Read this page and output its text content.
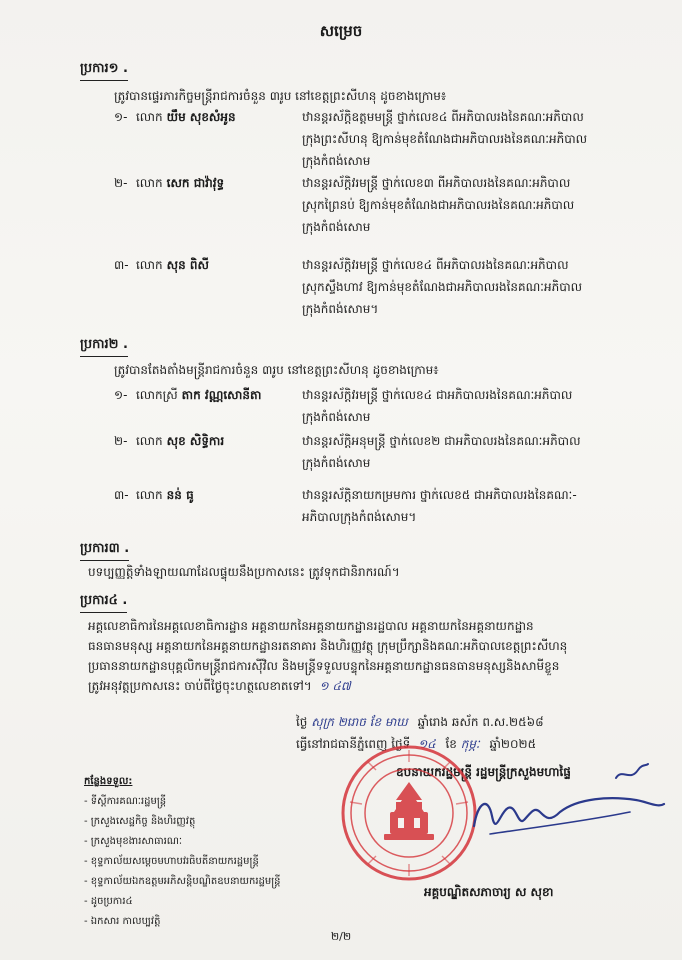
សម្រេច
ប្រការ១ .
ត្រូវបានផ្ទេរភារកិច្ចមន្ត្រីរាជការចំនួន ៣រូប នៅខេត្តព្រះសីហនុ ដូចខាងក្រោម៖
១- លោក យឹម សុខសំអូន	ឋានន្តរស័ក្តិឧត្តមមន្ត្រី ថ្នាក់លេខ៤ ពីអភិបាលរងនៃគណៈអភិបាល
ក្រុងព្រះសីហនុ ឱ្យកាន់មុខតំណែងជាអភិបាលរងនៃគណៈអភិបាល
ក្រុងកំពង់សោម
២- លោក សេក ជាវ៉ាវុទ្ធ	ឋានន្តរស័ក្តិវរមន្ត្រី ថ្នាក់លេខ៣ ពីអភិបាលរងនៃគណៈអភិបាល
ស្រុកព្រៃនប់ ឱ្យកាន់មុខតំណែងជាអភិបាលរងនៃគណៈអភិបាល
ក្រុងកំពង់សោម
៣- លោក សុន ពិសី	ឋានន្តរស័ក្តិវរមន្ត្រី ថ្នាក់លេខ៤ ពីអភិបាលរងនៃគណៈអភិបាល
ស្រុកស្ទឹងហាវ ឱ្យកាន់មុខតំណែងជាអភិបាលរងនៃគណៈអភិបាល
ក្រុងកំពង់សោម។
ប្រការ២ .
ត្រូវបានតែងតាំងមន្ត្រីរាជការចំនួន ៣រូប នៅខេត្តព្រះសីហនុ ដូចខាងក្រោម៖
១- លោកស្រី តាក វណ្ណសោនីតា	ឋានន្តរស័ក្តិវរមន្ត្រី ថ្នាក់លេខ៤ ជាអភិបាលរងនៃគណៈអភិបាល
ក្រុងកំពង់សោម
២- លោក សុខ សិទ្ធិការ	ឋានន្តរស័ក្តិអនុមន្ត្រី ថ្នាក់លេខ២ ជាអភិបាលរងនៃគណៈអភិបាល
ក្រុងកំពង់សោម
៣- លោក នន់ ធូ	ឋានន្តរស័ក្តិនាយកម្រមការ ថ្នាក់លេខ៥ ជាអភិបាលរងនៃគណៈ-
អភិបាលក្រុងកំពង់សោម។
ប្រការ៣ .
បទប្បញ្ញត្តិទាំងឡាយណាដែលផ្ទុយនឹងប្រកាសនេះ ត្រូវទុកជានិរាករណ៍។
ប្រការ៤ .
អគ្គលេខាធិការនៃអគ្គលេខាធិការដ្ឋាន អគ្គនាយកនៃអគ្គនាយកដ្ឋានរដ្ឋបាល អគ្គនាយកនៃអគ្គនាយកដ្ឋាន
ធនធានមនុស្ស អគ្គនាយកនៃអគ្គនាយកដ្ឋានរតនាគារ និងហិរញ្ញវត្ថុ ក្រុមប្រឹក្សានិងគណៈអភិបាលខេត្តព្រះសីហនុ
ប្រធាននាយកដ្ឋានបុគ្គលិកមន្ត្រីរាជការស៊ីវិល និងមន្ត្រីទទួលបន្ទុកនៃអគ្គនាយកដ្ឋានធនធានមនុស្សនិងសាមីខ្លួន
ត្រូវអនុវត្តប្រកាសនេះ ចាប់ពីថ្ងៃចុះហត្ថលេខាតទៅ។ ១ ៤៧
ថ្ងៃ សុក្រ ២រោច ខែ មាឃ ឆ្នាំរោង ឆស័ក ព.ស.២៥៦៨
ធ្វើនៅរាជធានីភ្នំពេញ ថ្ងៃទី ១៤ ខែ កុម្ភៈ ឆ្នាំ២០២៥
ឧបនាយករដ្ឋមន្ត្រី រដ្ឋមន្ត្រីក្រសួងមហាផ្ទៃ
អគ្គបណ្ឌិតសភាចារ្យ ស សុខា
កន្លែងទទួល:
- ទីស្តីការគណៈរដ្ឋមន្ត្រី
- ក្រសួងសេដ្ឋកិច្ច និងហិរញ្ញវត្ថុ
- ក្រសួងមុខងារសាធារណៈ
- ខុទ្ទកាល័យសម្តេចមហាបវរធិបតីនាយករដ្ឋមន្ត្រី
- ខុទ្ទកាល័យឯកឧត្តមអភិសន្តិបណ្ឌិតឧបនាយករដ្ឋមន្ត្រី
- ដូចប្រការ៤
- ឯកសារ កាលប្បវត្តិ
២/២
